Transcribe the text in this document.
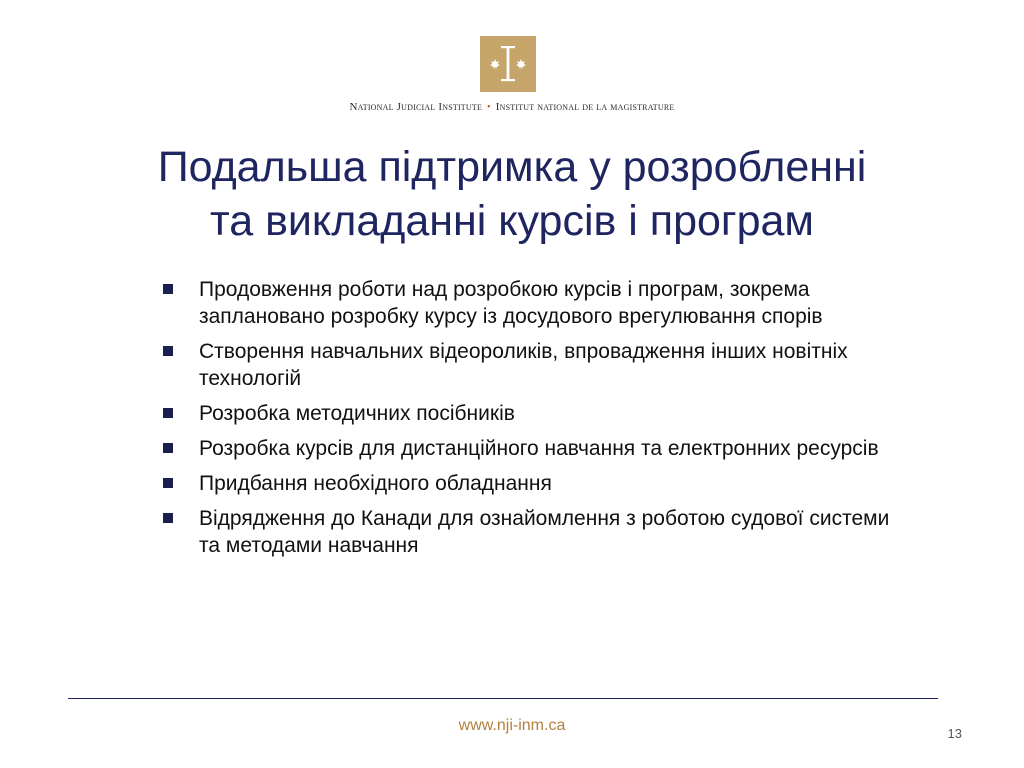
National Judicial Institute • Institut national de la magistrature
Подальша підтримка у розробленні
та викладанні курсів і програм
Продовження роботи над розробкою курсів і програм, зокрема заплановано розробку курсу із досудового врегулювання спорів
Створення навчальних відеороликів, впровадження інших новітніх технологій
Розробка методичних посібників
Розробка курсів для дистанційного навчання та електронних ресурсів
Придбання необхідного обладнання
Відрядження до Канади для ознайомлення з роботою судової системи та методами навчання
www.nji-inm.ca	13
